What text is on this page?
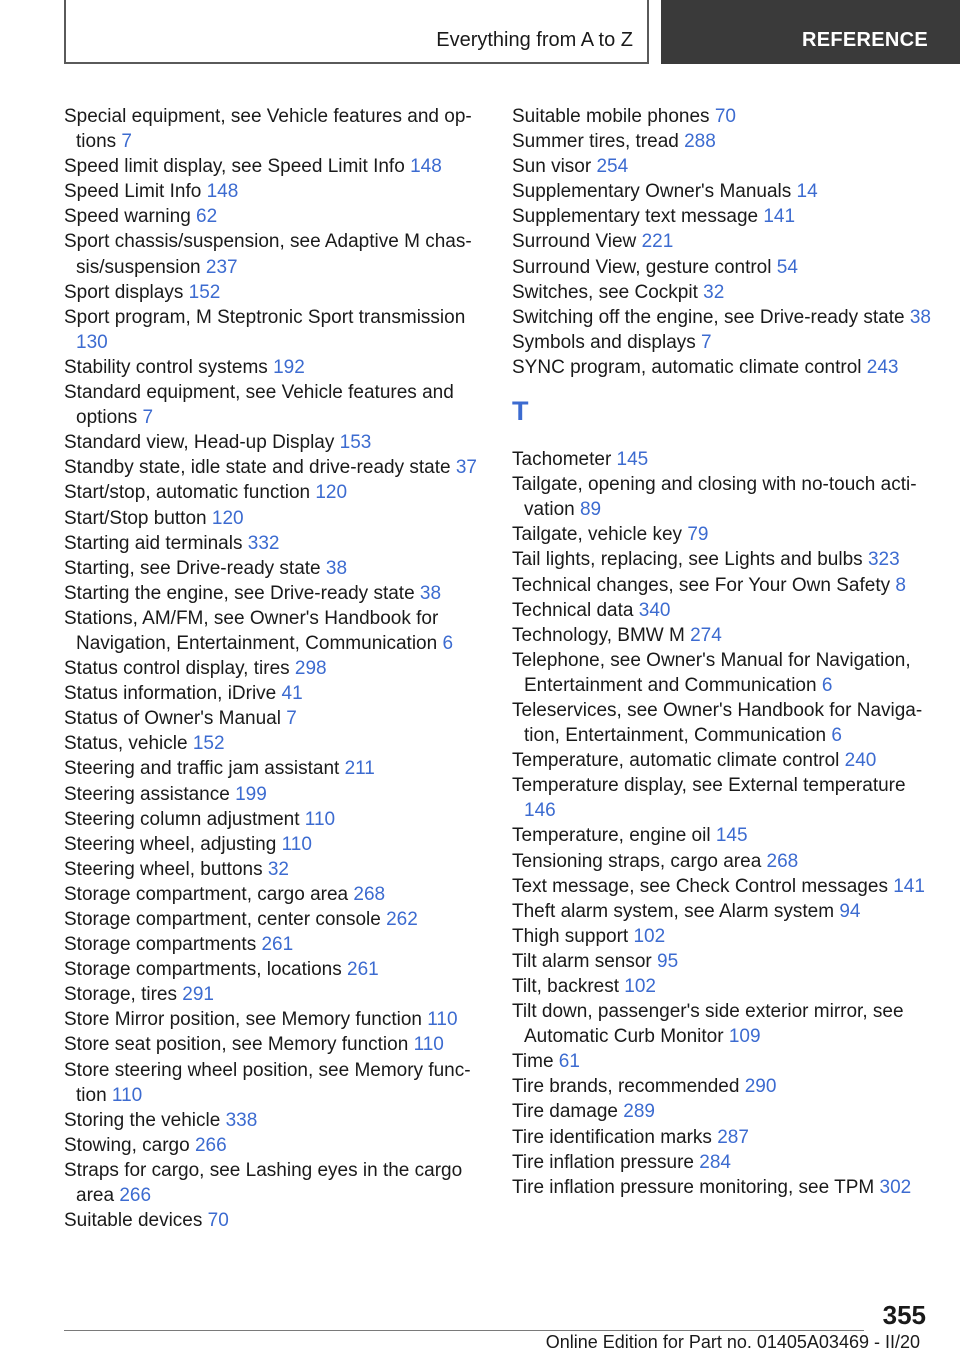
Everything from A to Z	REFERENCE
Special equipment, see Vehicle features and options 7
Speed limit display, see Speed Limit Info 148
Speed Limit Info 148
Speed warning 62
Sport chassis/suspension, see Adaptive M chassis/suspension 237
Sport displays 152
Sport program, M Steptronic Sport transmission 130
Stability control systems 192
Standard equipment, see Vehicle features and options 7
Standard view, Head-up Display 153
Standby state, idle state and drive-ready state 37
Start/stop, automatic function 120
Start/Stop button 120
Starting aid terminals 332
Starting, see Drive-ready state 38
Starting the engine, see Drive-ready state 38
Stations, AM/FM, see Owner's Handbook for Navigation, Entertainment, Communication 6
Status control display, tires 298
Status information, iDrive 41
Status of Owner's Manual 7
Status, vehicle 152
Steering and traffic jam assistant 211
Steering assistance 199
Steering column adjustment 110
Steering wheel, adjusting 110
Steering wheel, buttons 32
Storage compartment, cargo area 268
Storage compartment, center console 262
Storage compartments 261
Storage compartments, locations 261
Storage, tires 291
Store Mirror position, see Memory function 110
Store seat position, see Memory function 110
Store steering wheel position, see Memory function 110
Storing the vehicle 338
Stowing, cargo 266
Straps for cargo, see Lashing eyes in the cargo area 266
Suitable devices 70
Suitable mobile phones 70
Summer tires, tread 288
Sun visor 254
Supplementary Owner's Manuals 14
Supplementary text message 141
Surround View 221
Surround View, gesture control 54
Switches, see Cockpit 32
Switching off the engine, see Drive-ready state 38
Symbols and displays 7
SYNC program, automatic climate control 243
T
Tachometer 145
Tailgate, opening and closing with no-touch activation 89
Tailgate, vehicle key 79
Tail lights, replacing, see Lights and bulbs 323
Technical changes, see For Your Own Safety 8
Technical data 340
Technology, BMW M 274
Telephone, see Owner's Manual for Navigation, Entertainment and Communication 6
Teleservices, see Owner's Handbook for Navigation, Entertainment, Communication 6
Temperature, automatic climate control 240
Temperature display, see External temperature 146
Temperature, engine oil 145
Tensioning straps, cargo area 268
Text message, see Check Control messages 141
Theft alarm system, see Alarm system 94
Thigh support 102
Tilt alarm sensor 95
Tilt, backrest 102
Tilt down, passenger's side exterior mirror, see Automatic Curb Monitor 109
Time 61
Tire brands, recommended 290
Tire damage 289
Tire identification marks 287
Tire inflation pressure 284
Tire inflation pressure monitoring, see TPM 302
355
Online Edition for Part no. 01405A03469 - II/20
